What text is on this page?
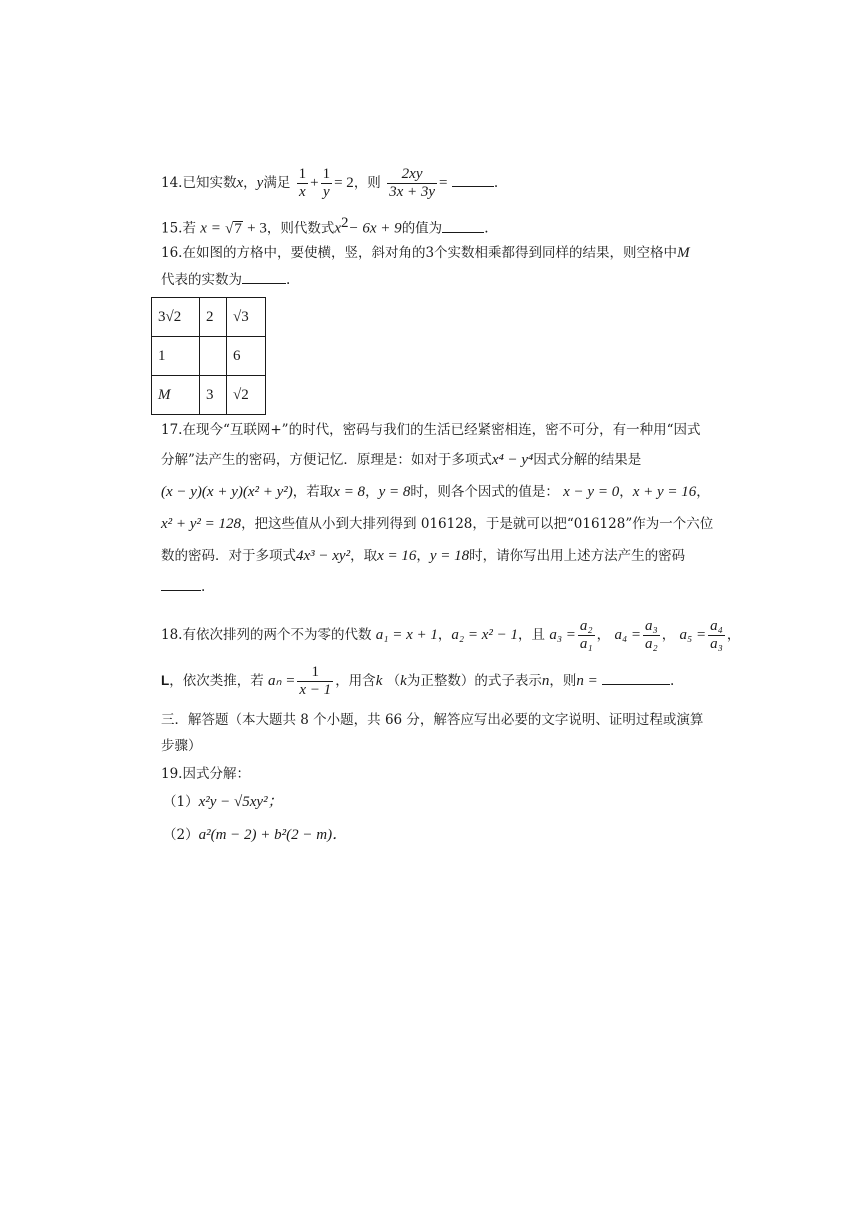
14.已知实数x，y满足 $\frac{1}{x} + \frac{1}{y} = 2$，则 $\frac{2xy}{3x + 3y}$ =	.
15.若 x = √7 + 3，则代数式$x^2- 6x + 9$的值为	.
16.在如图的方格中，要使横，竖，斜对角的3个实数相乘都得到同样的结果，则空格中M
代表的实数为	.
3√2	2	√3
1		6
M	3	√2
17.在现今“互联网+”的时代，密码与我们的生活已经紧密相连，密不可分，有一种用“因式
分解”法产生的密码，方便记忆．原理是：如对于多项式x⁴ − y⁴因式分解的结果是
(x − y)(x + y)(x² + y²)，若取x = 8，y = 8时，则各个因式的值是： x − y = 0，x + y = 16，
x² + y² = 128，把这些值从小到大排列得到 016128，于是就可以把“016128”作为一个六位
数的密码．对于多项式4x³ − xy²，取x = 16，y = 18时，请你写出用上述方法产生的密码
.
18.有依次排列的两个不为零的代数 a₁ = x + 1，a₂ = x² − 1，且 $a_3 = \frac{\text{a₂}}{\text{a₁}}$ ， $a_4 = \frac{\text{a₃}}{\text{a₂}}$ ， $a_5 = \frac{\text{a₄}}{\text{a₃}}$ ，
L，依次类推，若 $a_n = \frac{1}{x - 1}$ ，用含k （k为正整数）的式子表示n，则n =	.
三．解答题（本大题共 8 个小题，共 66 分，解答应写出必要的文字说明、证明过程或演算
步骤）
19.因式分解：
（1）x²y − √5xy²；
（2）a²(m − 2) + b²(2 − m)．
